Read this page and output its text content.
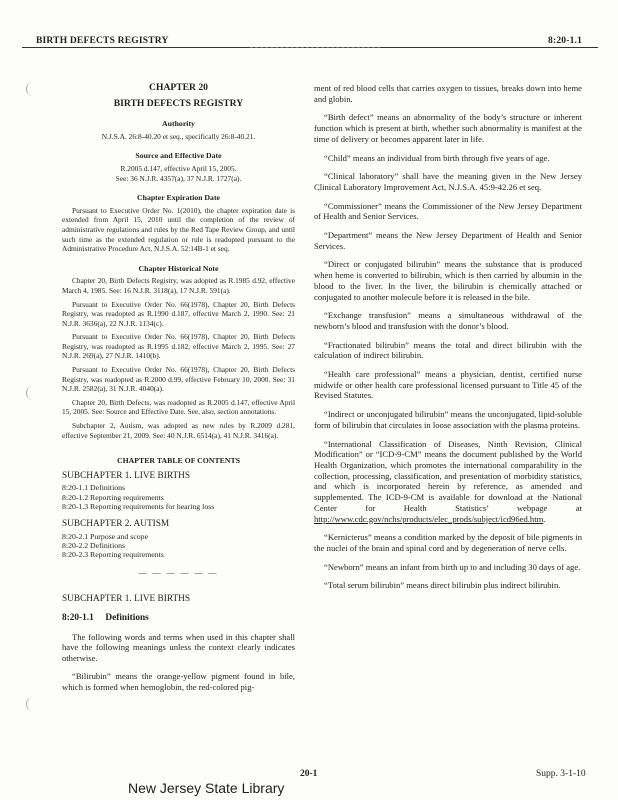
BIRTH DEFECTS REGISTRY	8:20-1.1

CHAPTER 20

BIRTH DEFECTS REGISTRY

Authority

N.J.S.A. 26:8-40.20 et seq., specifically 26:8-40.21.

Source and Effective Date

R.2005 d.147, effective April 15, 2005.

See: 36 N.J.R. 4357(a), 37 N.J.R. 1727(a).

Chapter Expiration Date

Pursuant to Executive Order No. 1(2010), the chapter expiration date is extended from April 15, 2010 until the completion of the review of administrative regulations and rules by the Red Tape Review Group, and until such time as the extended regulation or rule is readopted pursuant to the Administrative Procedure Act, N.J.S.A. 52:14B-1 et seq.

Chapter Historical Note

Chapter 20, Birth Defects Registry, was adopted as R.1985 d.92, effective March 4, 1985. See: 16 N.J.R. 3118(a), 17 N.J.R. 591(a).

Pursuant to Executive Order No. 66(1978), Chapter 20, Birth Defects Registry, was readopted as R.1990 d.187, effective March 2, 1990. See: 21 N.J.R. 3636(a), 22 N.J.R. 1134(c).

Pursuant to Executive Order No. 66(1978), Chapter 20, Birth Defects Registry, was readopted as R.1995 d.182, effective March 2, 1995. See: 27 N.J.R. 269(a), 27 N.J.R. 1410(b).

Pursuant to Executive Order No. 66(1978), Chapter 20, Birth Defects Registry, was readopted as R.2000 d.99, effective February 10, 2000. See: 31 N.J.R. 2582(a), 31 N.J.R. 4040(a).

Chapter 20, Birth Defects, was readopted as R.2005 d.147, effective April 15, 2005. See: Source and Effective Date. See, also, section annotations.

Subchapter 2, Autism, was adopted as new rules by R.2009 d.281, effective September 21, 2009. See: 40 N.J.R. 6514(a), 41 N.J.R. 3416(a).

CHAPTER TABLE OF CONTENTS

SUBCHAPTER 1. LIVE BIRTHS

8:20-1.1 Definitions
8:20-1.2 Reporting requirements
8:20-1.3 Reporting requirements for hearing loss

SUBCHAPTER 2. AUTISM

8:20-2.1 Purpose and scope
8:20-2.2 Definitions
8:20-2.3 Reporting requirements

— — — — — —

SUBCHAPTER 1. LIVE BIRTHS

8:20-1.1     Definitions

The following words and terms when used in this chapter shall have the following meanings unless the context clearly indicates otherwise.

“Bilirubin” means the orange-yellow pigment found in bile, which is formed when hemoglobin, the red-colored pig-

ment of red blood cells that carries oxygen to tissues, breaks down into heme and globin.

“Birth defect” means an abnormality of the body’s structure or inherent function which is present at birth, whether such abnormality is manifest at the time of delivery or becomes apparent later in life.

“Child” means an individual from birth through five years of age.

“Clinical laboratory” shall have the meaning given in the New Jersey Clinical Laboratory Improvement Act, N.J.S.A. 45:9-42.26 et seq.

“Commissioner” means the Commissioner of the New Jersey Department of Health and Senior Services.

“Department” means the New Jersey Department of Health and Senior Services.

“Direct or conjugated bilirubin” means the substance that is produced when heme is converted to bilirubin, which is then carried by albumin in the blood to the liver. In the liver, the bilirubin is chemically attached or conjugated to another molecule before it is released in the bile.

“Exchange transfusion” means a simultaneous withdrawal of the newborn’s blood and transfusion with the donor’s blood.

“Fractionated bilirubin” means the total and direct bilirubin with the calculation of indirect bilirubin.

“Health care professional” means a physician, dentist, certified nurse midwife or other health care professional licensed pursuant to Title 45 of the Revised Statutes.

“Indirect or unconjugated bilirubin” means the unconjugated, lipid-soluble form of bilirubin that circulates in loose association with the plasma proteins.

“International Classification of Diseases, Ninth Revision, Clinical Modification” or “ICD-9-CM” means the document published by the World Health Organization, which promotes the international comparability in the collection, processing, classification, and presentation of morbidity statistics, and which is incorporated herein by reference, as amended and supplemented. The ICD-9-CM is available for download at the National Center for Health Statistics’ webpage at http://www.cdc.gov/nchs/products/elec_prods/subject/icd96ed.htm.

“Kernicterus” means a condition marked by the deposit of bile pigments in the nuclei of the brain and spinal cord and by degeneration of nerve cells.

“Newborn” means an infant from birth up to and including 30 days of age.

“Total serum bilirubin” means direct bilirubin plus indirect bilirubin.

20-1	Supp. 3-1-10
New Jersey State Library
